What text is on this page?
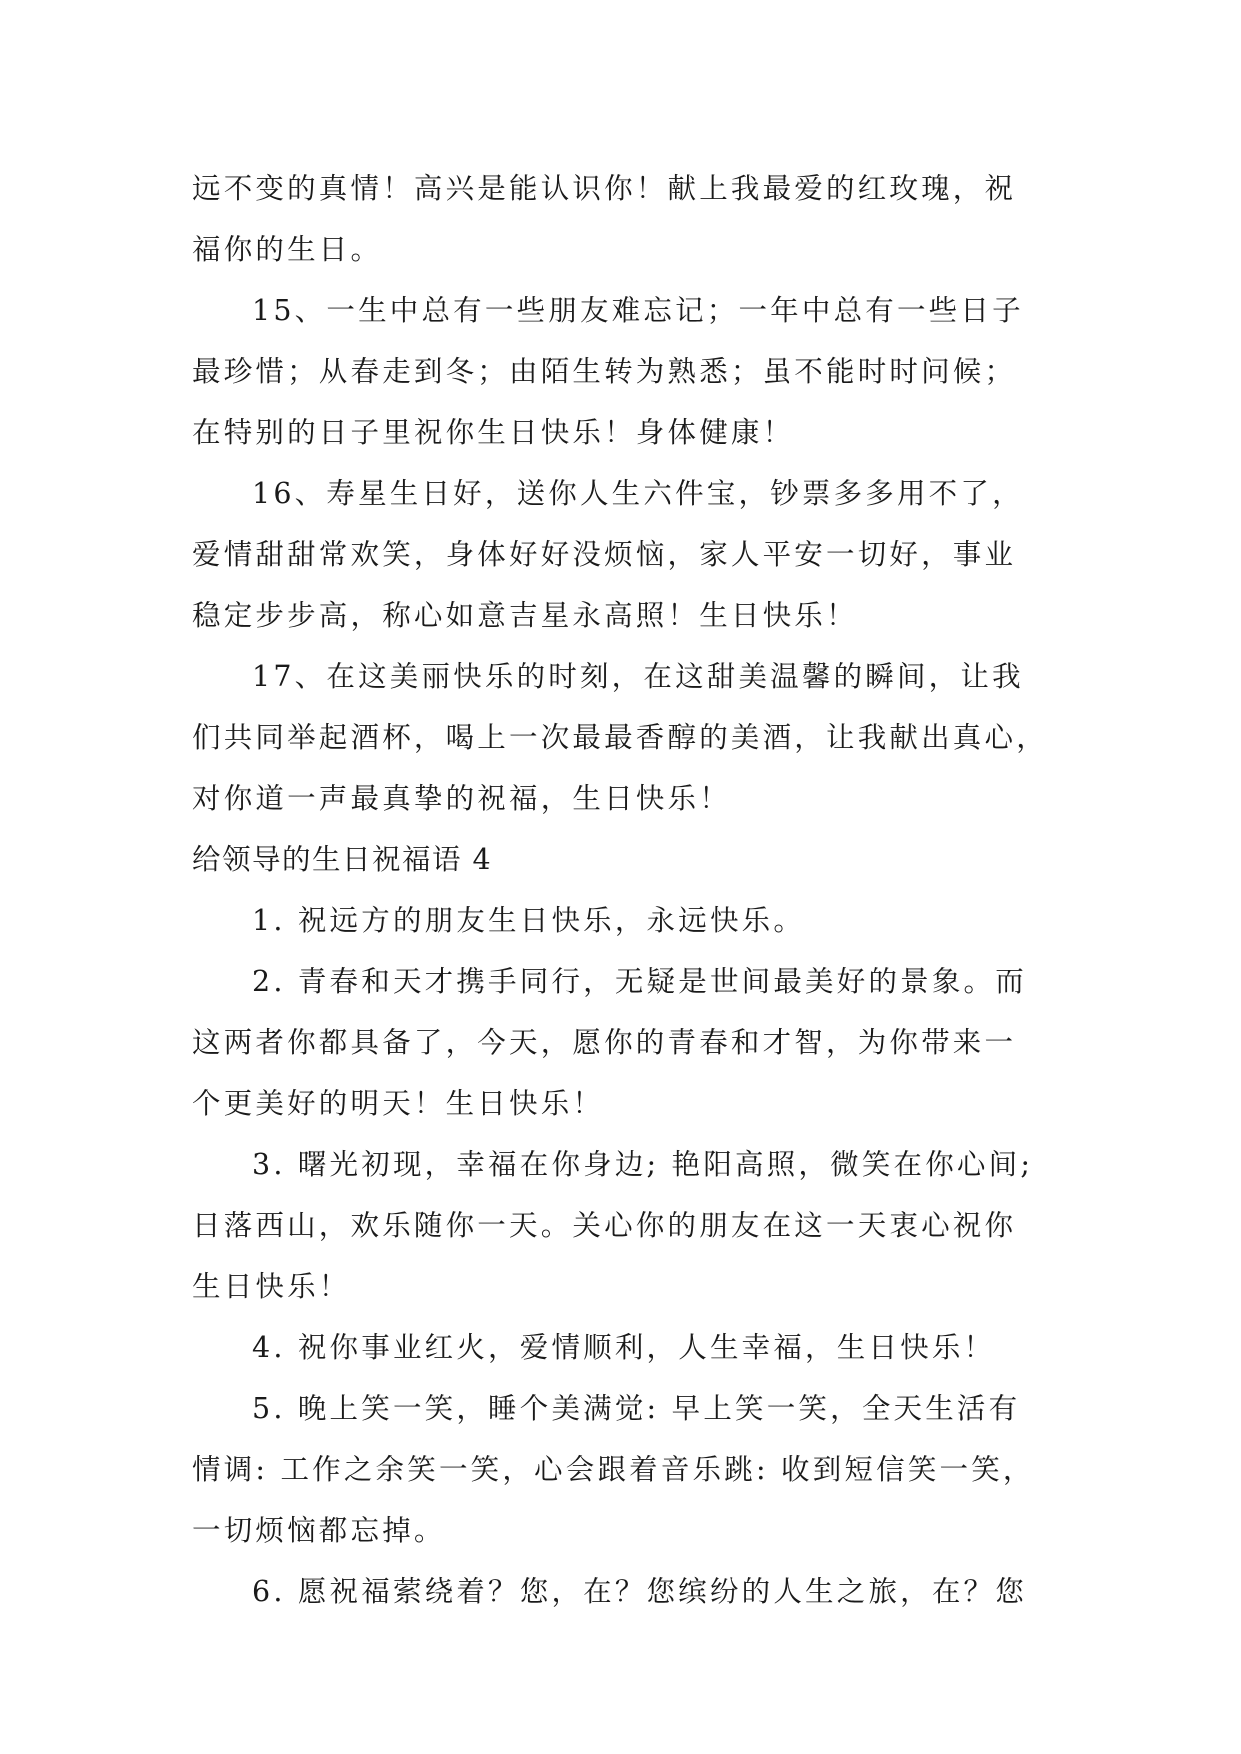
远不变的真情！高兴是能认识你！献上我最爱的红玫瑰，祝
福你的生日。
15、一生中总有一些朋友难忘记；一年中总有一些日子
最珍惜；从春走到冬；由陌生转为熟悉；虽不能时时问候；
在特别的日子里祝你生日快乐！身体健康！
16、寿星生日好，送你人生六件宝，钞票多多用不了，
爱情甜甜常欢笑，身体好好没烦恼，家人平安一切好，事业
稳定步步高，称心如意吉星永高照！生日快乐！
17、在这美丽快乐的时刻，在这甜美温馨的瞬间，让我
们共同举起酒杯，喝上一次最最香醇的美酒，让我献出真心，
对你道一声最真挚的祝福，生日快乐！
给领导的生日祝福语 4
1. 祝远方的朋友生日快乐，永远快乐。
2. 青春和天才携手同行，无疑是世间最美好的景象。而
这两者你都具备了，今天，愿你的青春和才智，为你带来一
个更美好的明天！生日快乐！
3. 曙光初现，幸福在你身边; 艳阳高照，微笑在你心间;
日落西山，欢乐随你一天。关心你的朋友在这一天衷心祝你
生日快乐！
4. 祝你事业红火，爱情顺利，人生幸福，生日快乐！
5. 晚上笑一笑，睡个美满觉: 早上笑一笑，全天生活有
情调: 工作之余笑一笑，心会跟着音乐跳: 收到短信笑一笑，
一切烦恼都忘掉。
6. 愿祝福萦绕着？您，在？您缤纷的人生之旅，在？您
